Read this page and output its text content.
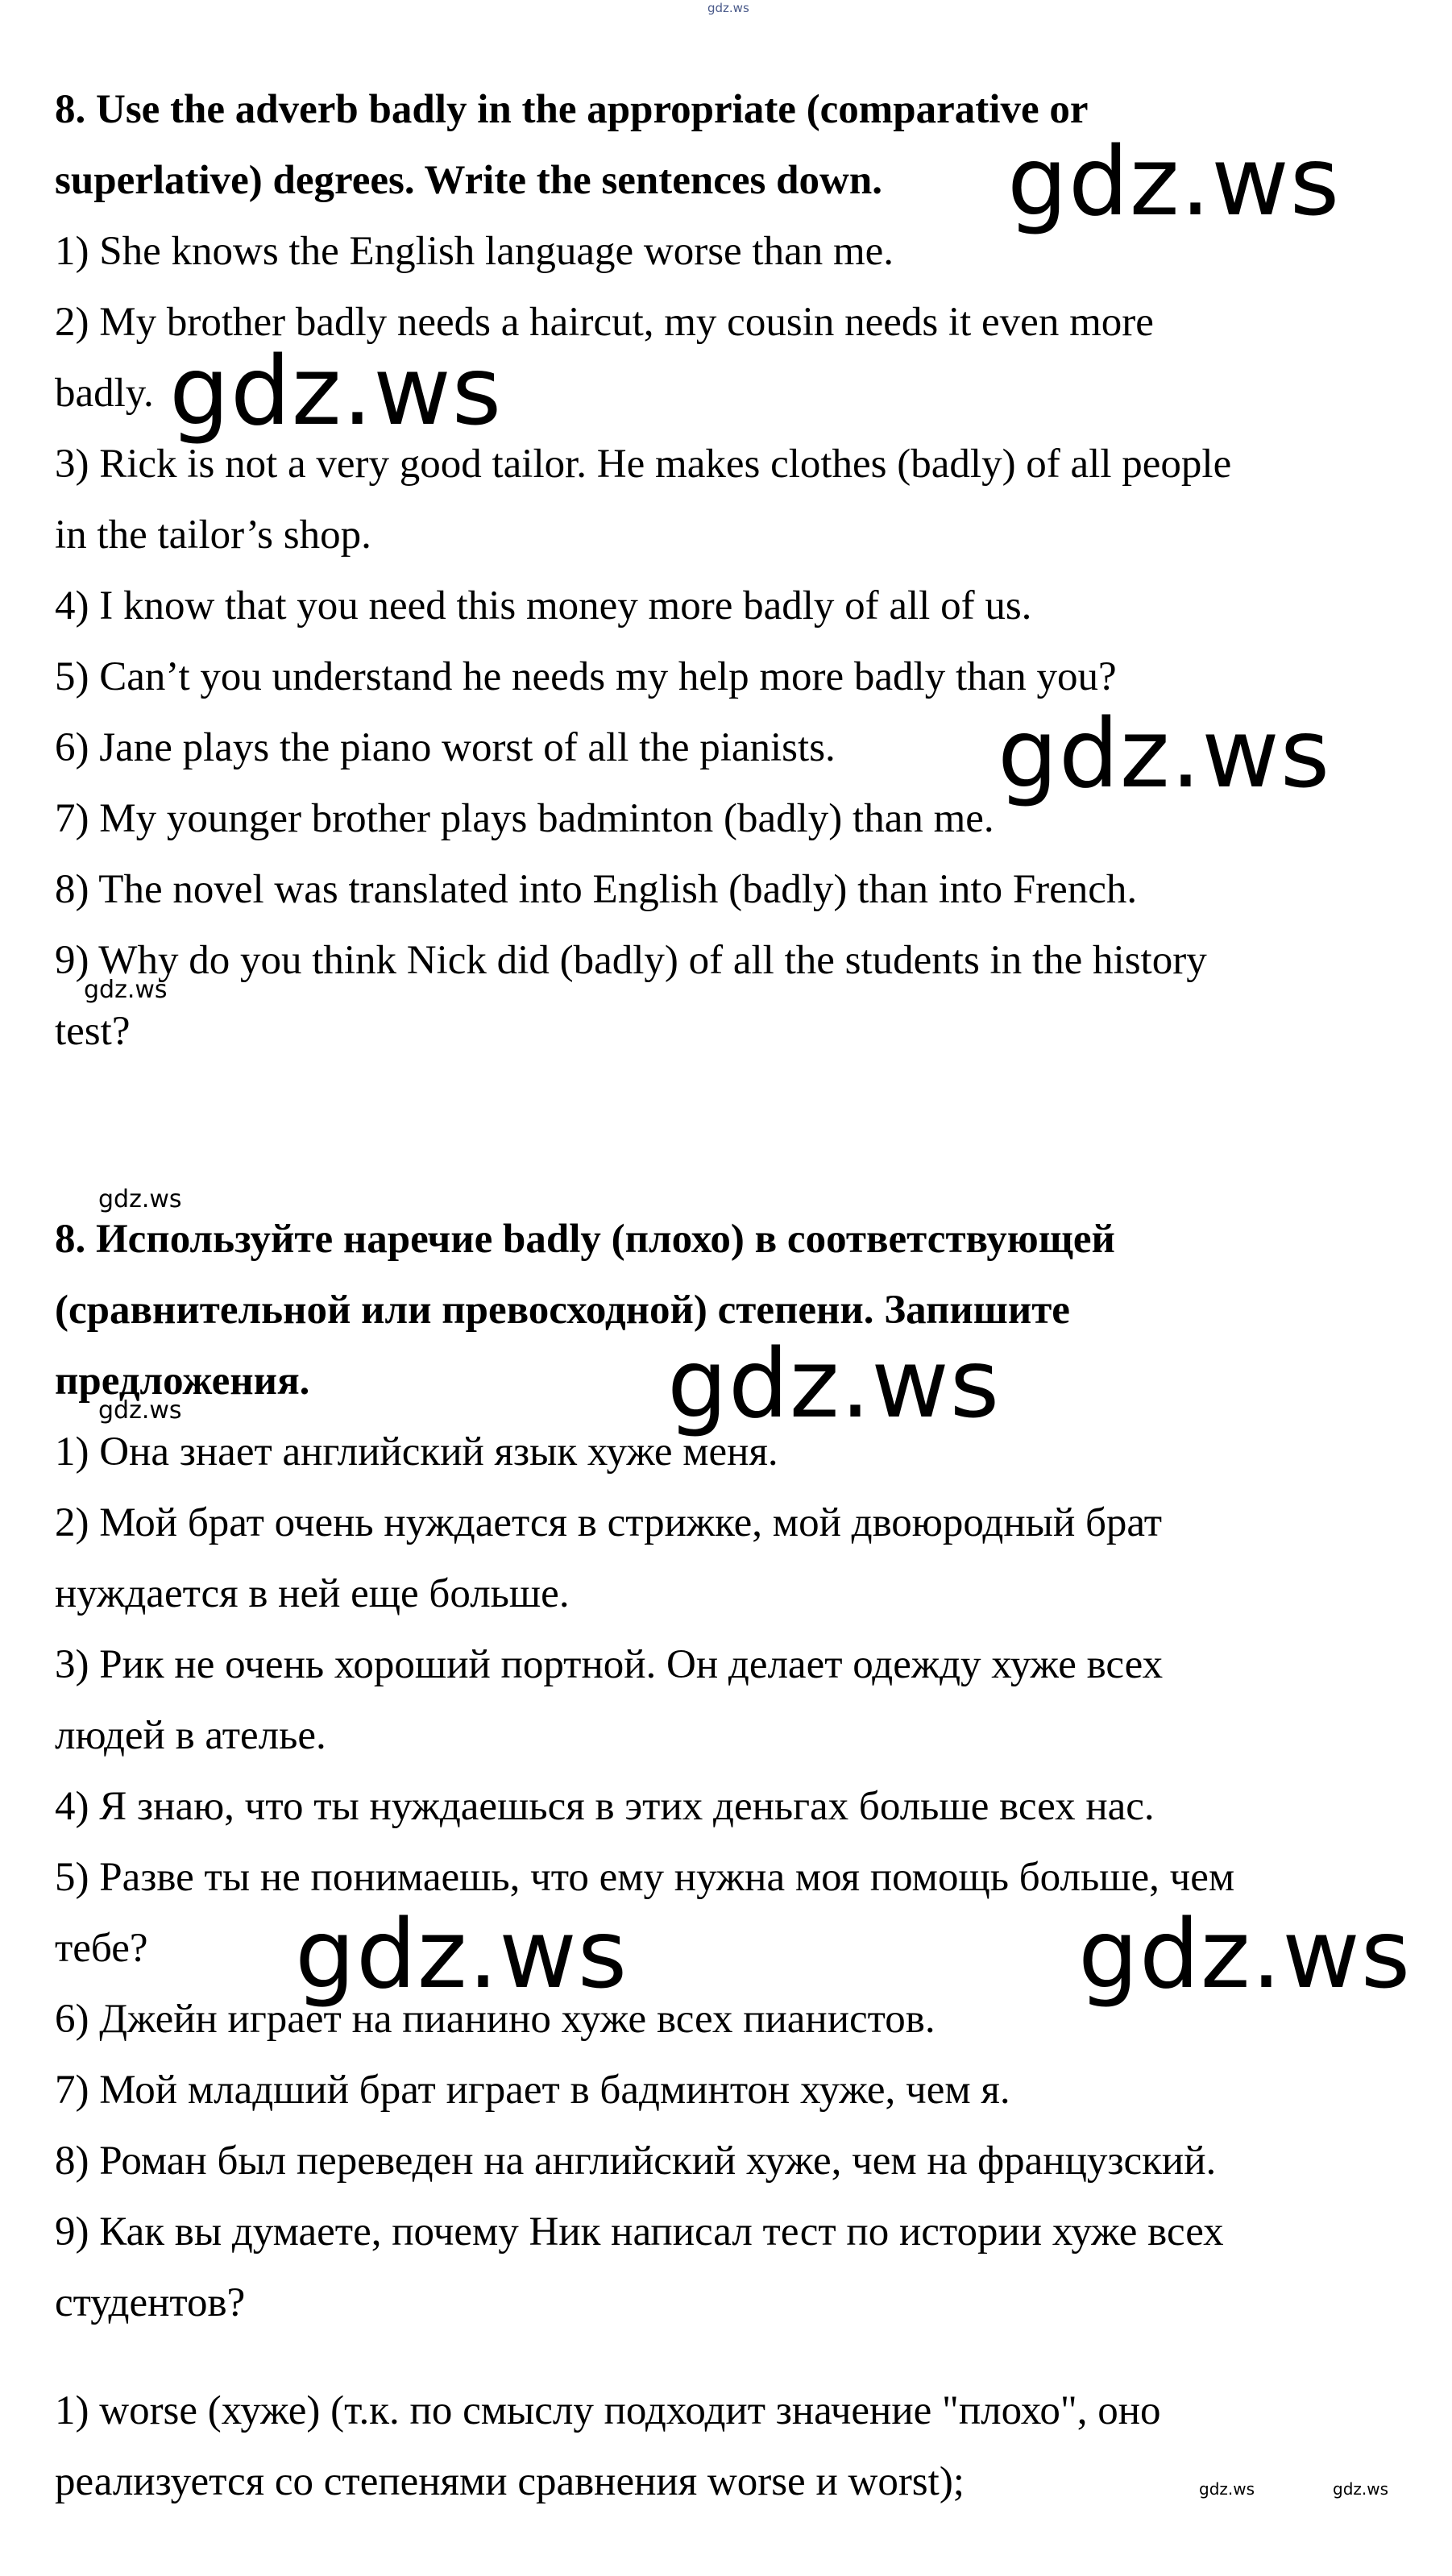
gdz.ws

8. Use the adverb badly in the appropriate (comparative or

superlative) degrees. Write the sentences down.

1) She knows the English language worse than me.

2) My brother badly needs a haircut, my cousin needs it even more

badly.

3) Rick is not a very good tailor. He makes clothes (badly) of all people

in the tailor’s shop.

4) I know that you need this money more badly of all of us.

5) Can’t you understand he needs my help more badly than you?

6) Jane plays the piano worst of all the pianists.

7) My younger brother plays badminton (badly) than me.

8) The novel was translated into English (badly) than into French.

9) Why do you think Nick did (badly) of all the students in the history

test?

8. Используйте наречие badly (плохо) в соответствующей

(сравнительной или превосходной) степени. Запишите

предложения.

1) Она знает английский язык хуже меня.

2) Мой брат очень нуждается в стрижке, мой двоюродный брат

нуждается в ней еще больше.

3) Рик не очень хороший портной. Он делает одежду хуже всех

людей в ателье.

4) Я знаю, что ты нуждаешься в этих деньгах больше всех нас.

5) Разве ты не понимаешь, что ему нужна моя помощь больше, чем

тебе?

6) Джейн играет на пианино хуже всех пианистов.

7) Мой младший брат играет в бадминтон хуже, чем я.

8) Роман был переведен на английский хуже, чем на французский.

9) Как вы думаете, почему Ник написал тест по истории хуже всех

студентов?

1) worse (хуже) (т.к. по смыслу подходит значение "плохо", оно

реализуется со степенями сравнения worse и worst);

gdz.ws
gdz.ws
gdz.ws
gdz.ws
gdz.ws	gdz.ws
gdz.ws
gdz.ws
gdz.ws
gdz.ws	gdz.ws
